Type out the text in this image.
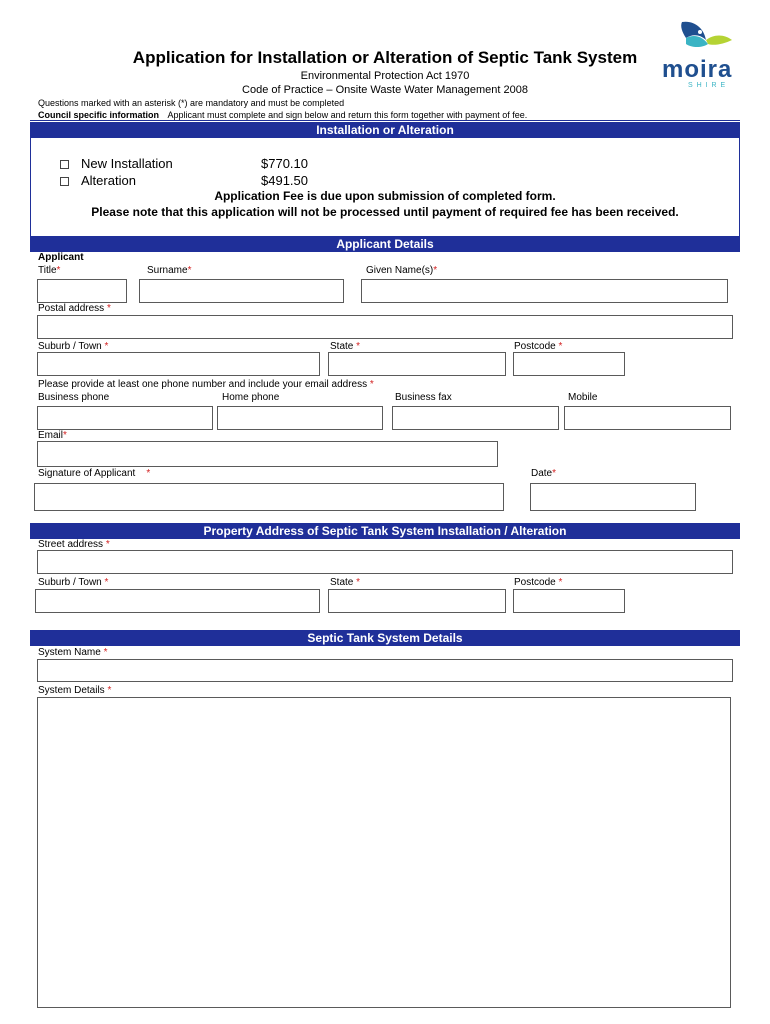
Application for Installation or Alteration of Septic Tank System
Environmental Protection Act 1970
Code of Practice – Onsite Waste Water Management 2008
moira
S H I R E
Questions marked with an asterisk (*) are mandatory and must be completed
Council specific information Applicant must complete and sign below and return this form together with payment of fee.
Installation or Alteration
New Installation	$770.10
Alteration	$491.50
Application Fee is due upon submission of completed form.
Please note that this application will not be processed until payment of required fee has been received.
Applicant Details
Applicant
Title*	Surname*	Given Name(s)*
Postal address *
Suburb / Town *	State *	Postcode *
Please provide at least one phone number and include your email address *
Business phone	Home phone	Business fax	Mobile
Email*
Signature of Applicant *	Date*
Property Address of Septic Tank System Installation / Alteration
Street address *
Suburb / Town *	State *	Postcode *
Septic Tank System Details
System Name *
System Details *
